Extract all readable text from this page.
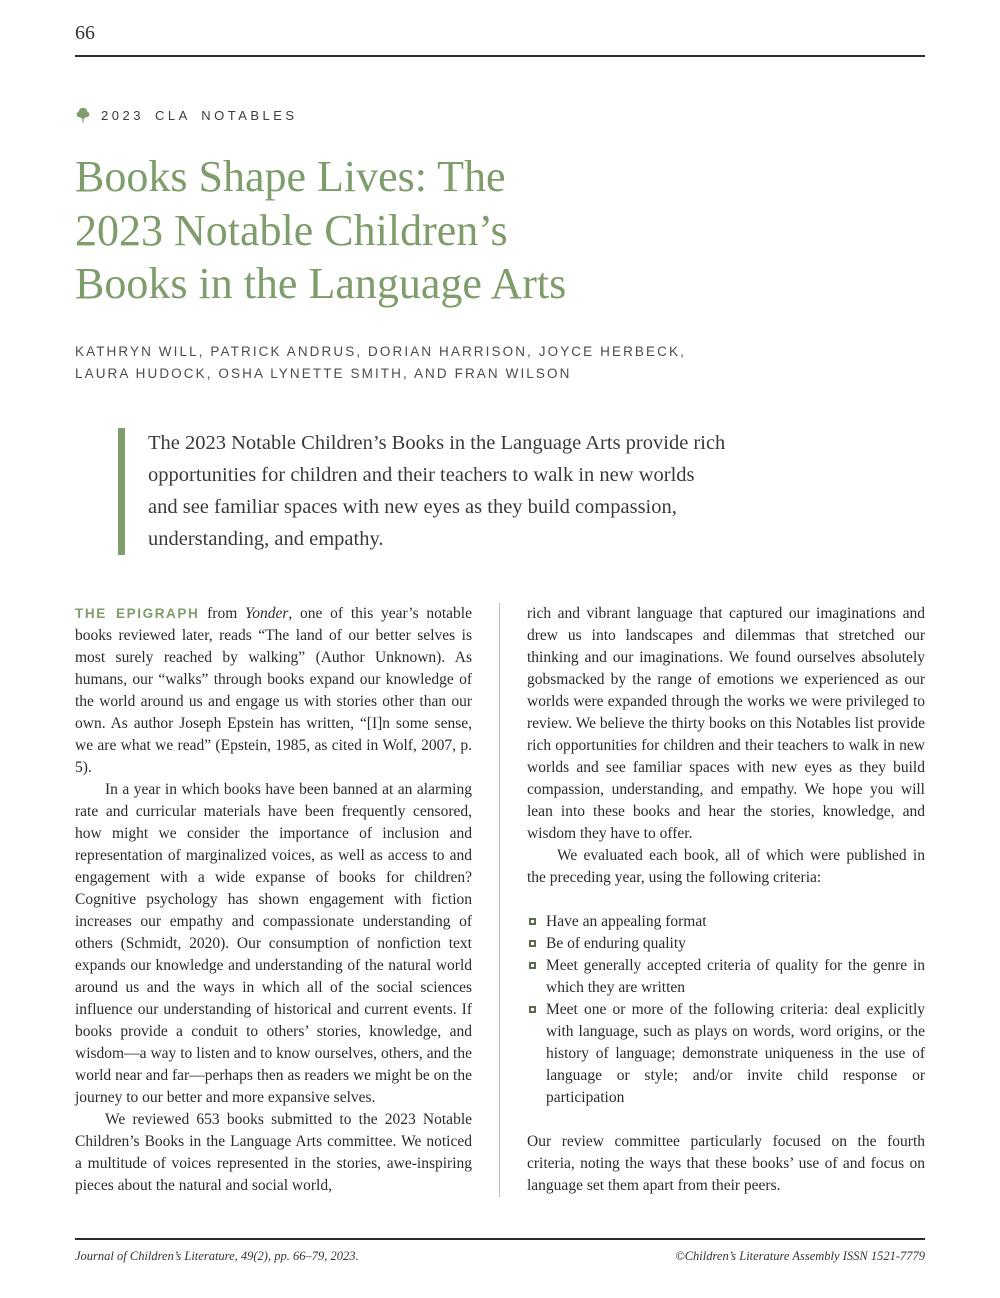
66
2023 CLA NOTABLES
Books Shape Lives: The
2023 Notable Children’s
Books in the Language Arts
KATHRYN WILL, PATRICK ANDRUS, DORIAN HARRISON, JOYCE HERBECK,
LAURA HUDOCK, OSHA LYNETTE SMITH, AND FRAN WILSON
The 2023 Notable Children’s Books in the Language Arts provide rich opportunities for children and their teachers to walk in new worlds and see familiar spaces with new eyes as they build compassion, understanding, and empathy.

THE EPIGRAPH from Yonder, one of this year’s notable books reviewed later, reads “The land of our better selves is most surely reached by walking” (Author Unknown). As humans, our “walks” through books expand our knowledge of the world around us and engage us with stories other than our own. As author Joseph Epstein has written, “[I]n some sense, we are what we read” (Epstein, 1985, as cited in Wolf, 2007, p. 5).

In a year in which books have been banned at an alarming rate and curricular materials have been frequently censored, how might we consider the importance of inclusion and representation of marginalized voices, as well as access to and engagement with a wide expanse of books for children? Cognitive psychology has shown engagement with fiction increases our empathy and compassionate understanding of others (Schmidt, 2020). Our consumption of nonfiction text expands our knowledge and understanding of the natural world around us and the ways in which all of the social sciences influence our understanding of historical and current events. If books provide a conduit to others’ stories, knowledge, and wisdom—a way to listen and to know ourselves, others, and the world near and far—perhaps then as readers we might be on the journey to our better and more expansive selves.

We reviewed 653 books submitted to the 2023 Notable Children’s Books in the Language Arts committee. We noticed a multitude of voices represented in the stories, awe-inspiring pieces about the natural and social world,

rich and vibrant language that captured our imaginations and drew us into landscapes and dilemmas that stretched our thinking and our imaginations. We found ourselves absolutely gobsmacked by the range of emotions we experienced as our worlds were expanded through the works we were privileged to review. We believe the thirty books on this Notables list provide rich opportunities for children and their teachers to walk in new worlds and see familiar spaces with new eyes as they build compassion, understanding, and empathy. We hope you will lean into these books and hear the stories, knowledge, and wisdom they have to offer.

We evaluated each book, all of which were published in the preceding year, using the following criteria:

Have an appealing format
Be of enduring quality
Meet generally accepted criteria of quality for the genre in which they are written
Meet one or more of the following criteria: deal explicitly with language, such as plays on words, word origins, or the history of language; demonstrate uniqueness in the use of language or style; and/or invite child response or participation

Our review committee particularly focused on the fourth criteria, noting the ways that these books’ use of and focus on language set them apart from their peers.

Journal of Children’s Literature, 49(2), pp. 66–79, 2023.	©Children’s Literature Assembly ISSN 1521-7779
